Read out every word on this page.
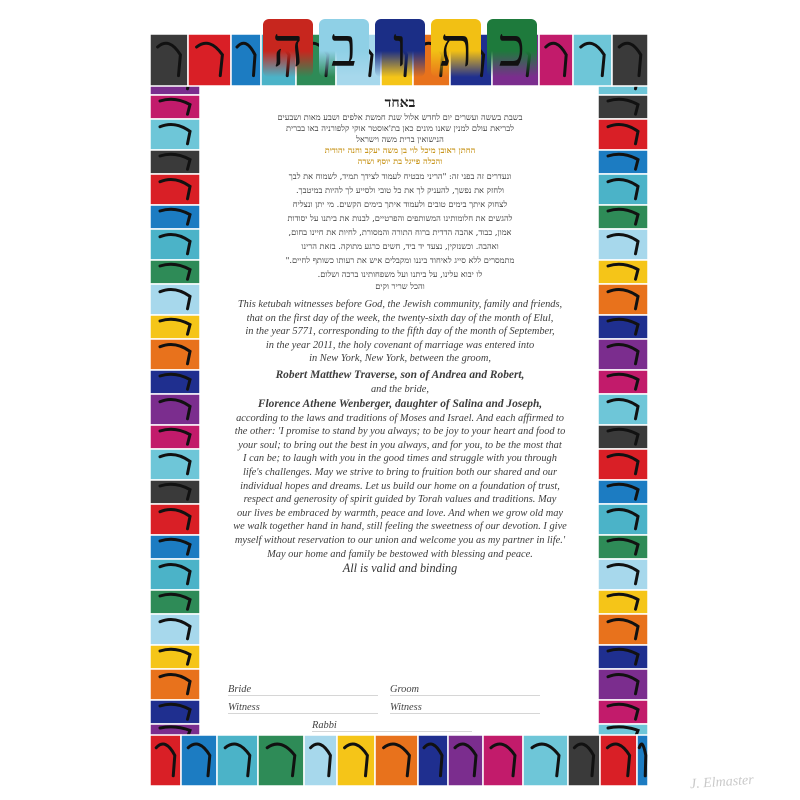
כ
ת
ו
ב
ה
באחד
בשבת בששה ועשרים יום לחדש אלול שנת חמשת אלפים ושבע מאות ושבעים
לבריאת עולם למנין שאנו מונים כאן בת'אוסטר אוקי קלפורניה באו בברית
הנישואין ברית משה וישראל
החתן ראובן מיכל לוי בן משה יעקב וחנה יהודית
והכלה פייגל בת יוסף ושרה
ונעדרים זה בפני זה: "הריני מבטיח לעמוד לצידך תמיד, לשמוח את לבך
ולחזק את נפשך, להעניק לך את כל טובי ולסייע לך להיות במיטבך.
לצחוק איתך בימים טובים ולעמוד איתך בימים הקשים. מי יתן ונצליח
להגשים את חלומותינו המשותפים והפרטיים, לבנות את ביתנו על יסודות
אמון, כבוד, אהבה הדדית ברוח התורה והמסורת, לחיות את חיינו בחום,
ואהבה. וכשנזקין, נצעד יד ביד, חשים כרגע מתוקה. בזאת הרינו
מתמסרים ללא סייג לאיחוד ביננו ומקבלים איש את רעותו כשותף לחיים."
לו יבוא עלינו, על ביתנו ועל משפחותינו ברכה ושלום.
והכל שריר וקים
This ketubah witnesses before God, the Jewish community, family and friends,
that on the first day of the week, the twenty-sixth day of the month of Elul,
in the year 5771, corresponding to the fifth day of the month of September,
in the year 2011, the holy covenant of marriage was entered into
in New York, New York, between the groom,
Robert Matthew Traverse, son of Andrea and Robert,
and the bride,
Florence Athene Wenberger, daughter of Salina and Joseph,
according to the laws and traditions of Moses and Israel. And each affirmed to
the other: 'I promise to stand by you always; to be joy to your heart and food to
your soul; to bring out the best in you always, and for you, to be the most that
I can be; to laugh with you in the good times and struggle with you through
life's challenges. May we strive to bring to fruition both our shared and our
individual hopes and dreams. Let us build our home on a foundation of trust,
respect and generosity of spirit guided by Torah values and traditions. May
our lives be embraced by warmth, peace and love. And when we grow old may
we walk together hand in hand, still feeling the sweetness of our devotion. I give
myself without reservation to our union and welcome you as my partner in life.'
May our home and family be bestowed with blessing and peace.
All is valid and binding
Bride	Groom
Witness	Witness
Rabbi
J. Elmaster
